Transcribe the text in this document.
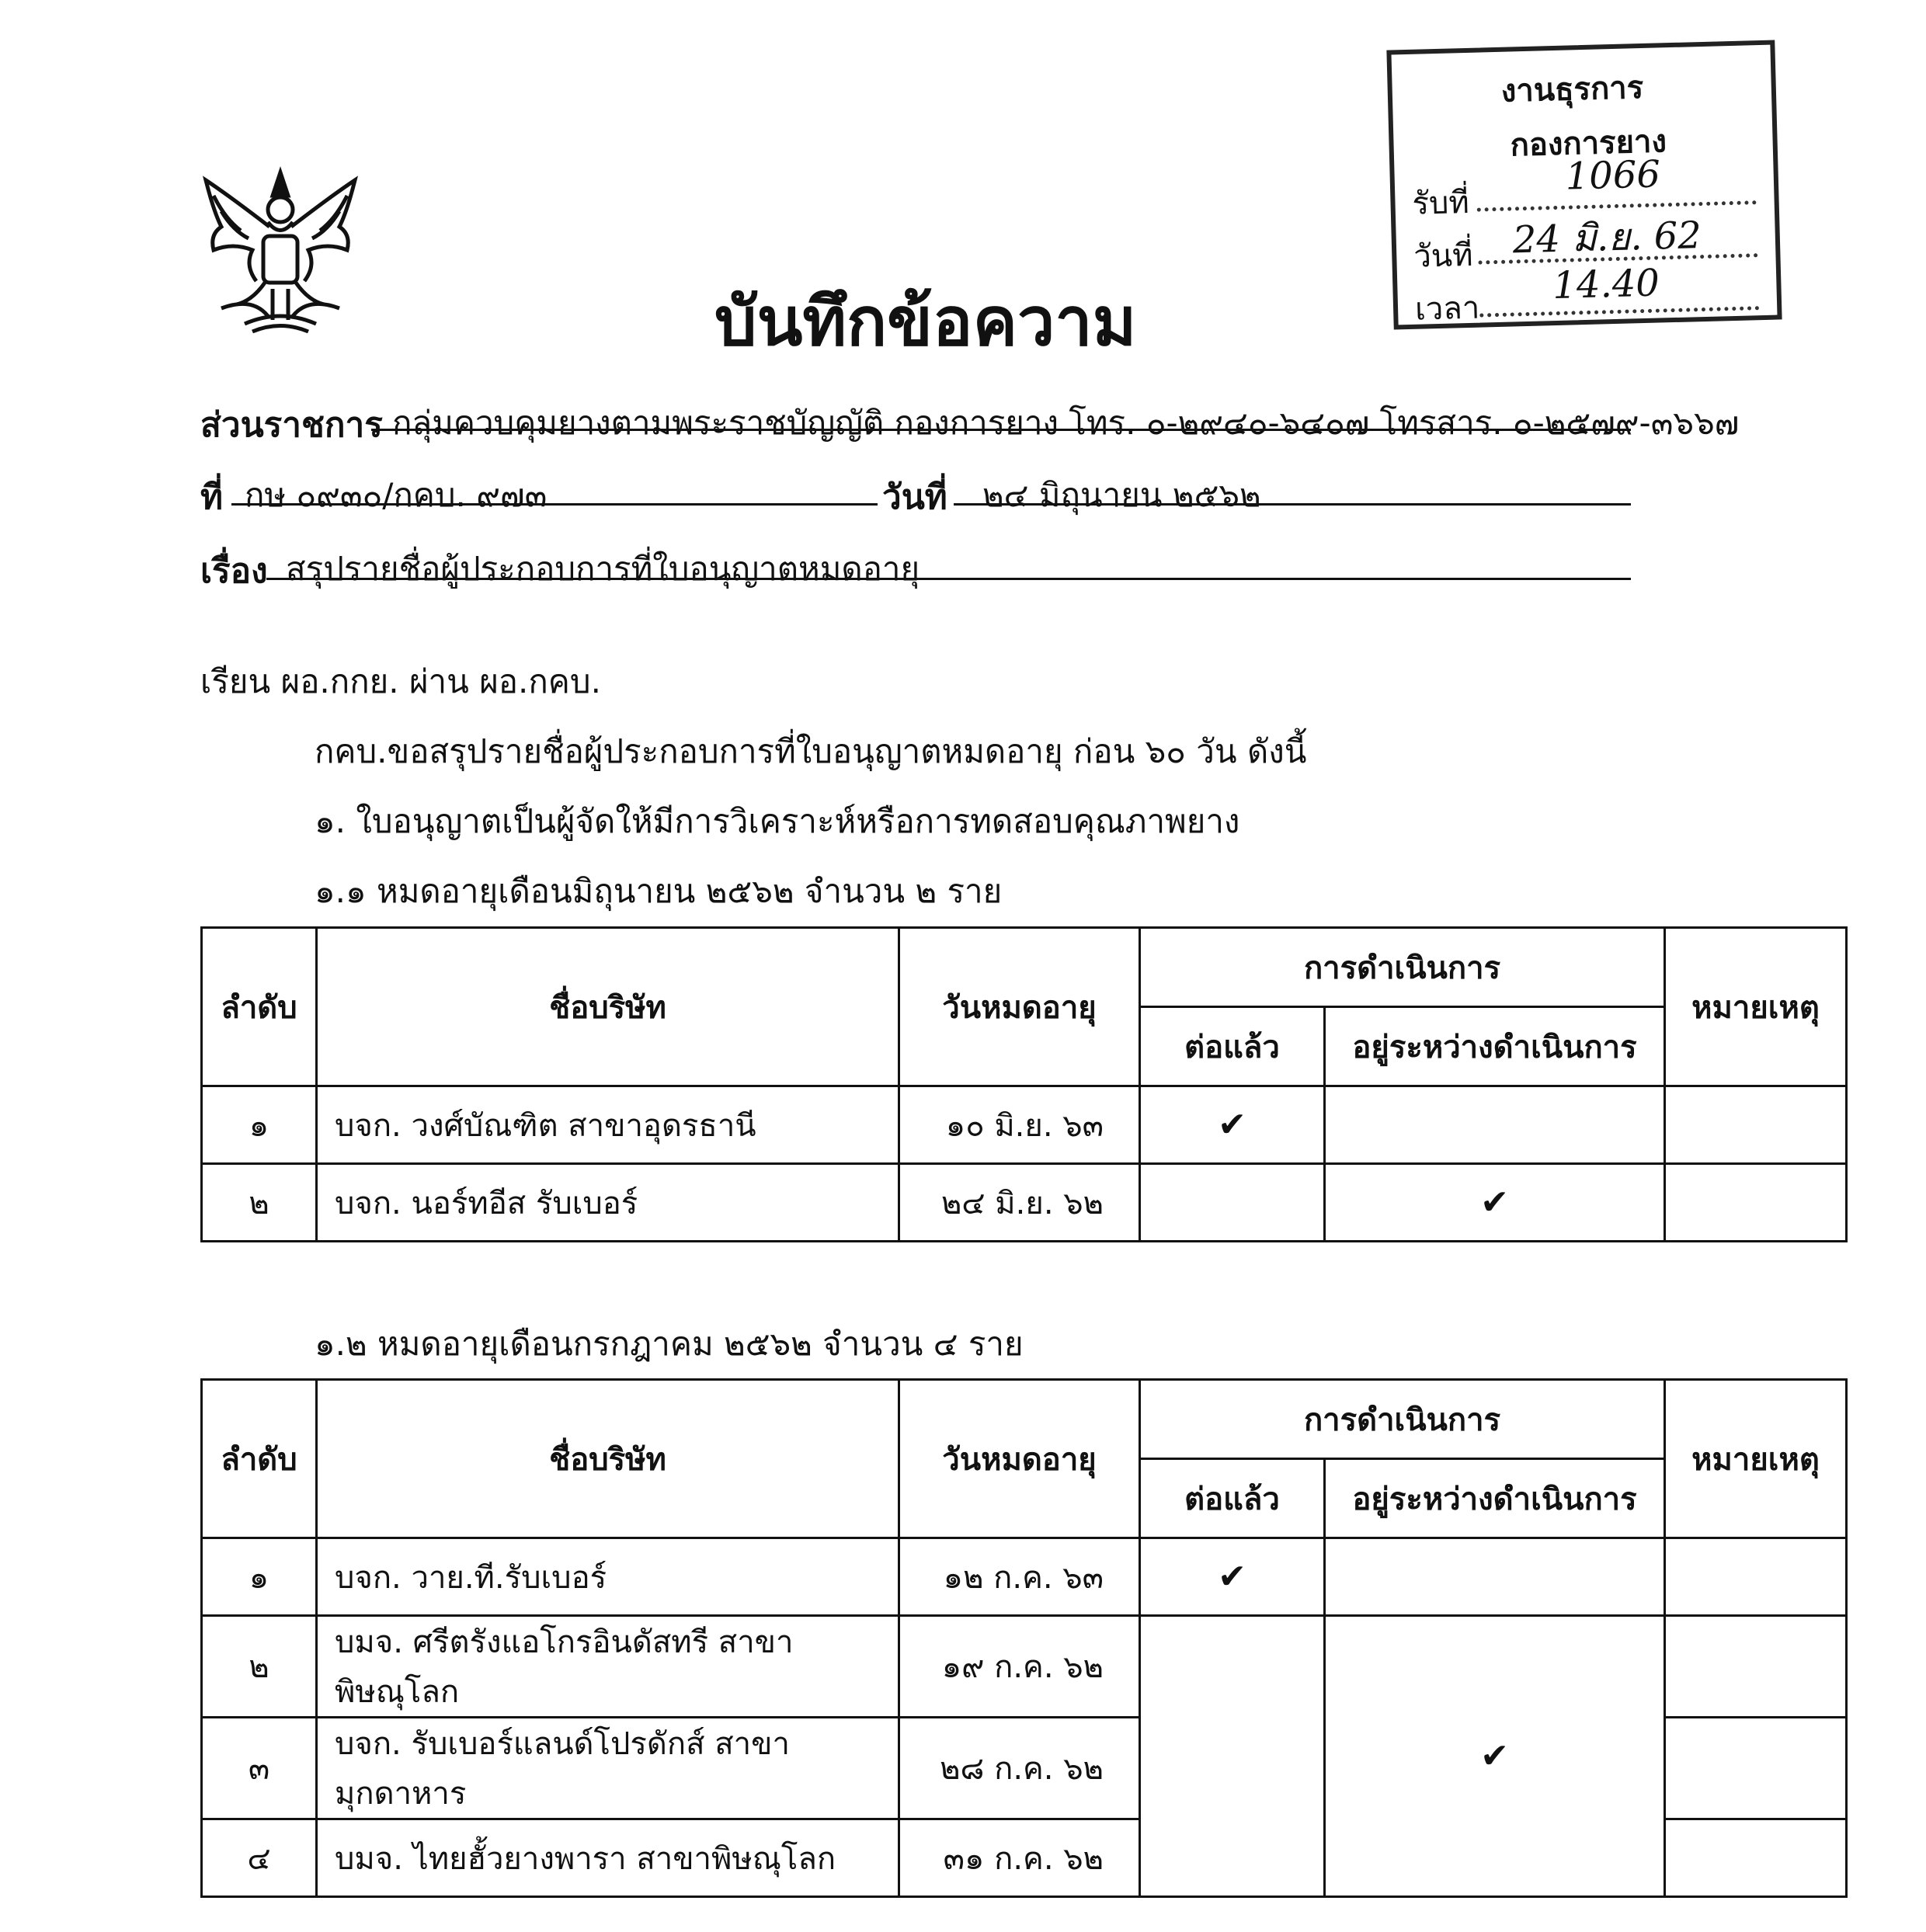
งานธุรการ
กองการยาง
รับที่
1066
วันที่ 24 มิ.ย. 62
เวลา
14.40
บันทึกข้อความ
ส่วนราชการ กลุ่มควบคุมยางตามพระราชบัญญัติ กองการยาง โทร. ๐-๒๙๔๐-๖๔๐๗ โทรสาร. ๐-๒๕๗๙-๓๖๖๗
ที่ กษ ๐๙๓๐/กคบ. ๙๗๓	วันที่ ๒๔ มิถุนายน ๒๕๖๒
เรื่อง สรุปรายชื่อผู้ประกอบการที่ใบอนุญาตหมดอายุ
เรียน ผอ.กกย. ผ่าน ผอ.กคบ.
กคบ.ขอสรุปรายชื่อผู้ประกอบการที่ใบอนุญาตหมดอายุ ก่อน ๖๐ วัน ดังนี้
๑. ใบอนุญาตเป็นผู้จัดให้มีการวิเคราะห์หรือการทดสอบคุณภาพยาง
๑.๑ หมดอายุเดือนมิถุนายน ๒๕๖๒ จำนวน ๒ ราย
ลำดับ	ชื่อบริษัท	วันหมดอายุ	การดำเนินการ		หมายเหตุ
			ต่อแล้ว	อยู่ระหว่างดำเนินการ	
๑	บจก. วงศ์บัณฑิต สาขาอุดรธานี	๑๐ มิ.ย. ๖๓	✔		
๒	บจก. นอร์ทอีส รับเบอร์	๒๔ มิ.ย. ๖๒		✔	
๑.๒ หมดอายุเดือนกรกฎาคม ๒๕๖๒ จำนวน ๔ ราย
ลำดับ	ชื่อบริษัท	วันหมดอายุ	การดำเนินการ		หมายเหตุ
			ต่อแล้ว	อยู่ระหว่างดำเนินการ	
๑	บจก. วาย.ที.รับเบอร์	๑๒ ก.ค. ๖๓	✔		
๒	บมจ. ศรีตรังแอโกรอินดัสทรี สาขาพิษณุโลก	๑๙ ก.ค. ๖๒		✔	
๓	บจก. รับเบอร์แลนด์โปรดักส์ สาขามุกดาหาร	๒๘ ก.ค. ๖๒			
๔	บมจ. ไทยฮั้วยางพารา สาขาพิษณุโลก	๓๑ ก.ค. ๖๒			
